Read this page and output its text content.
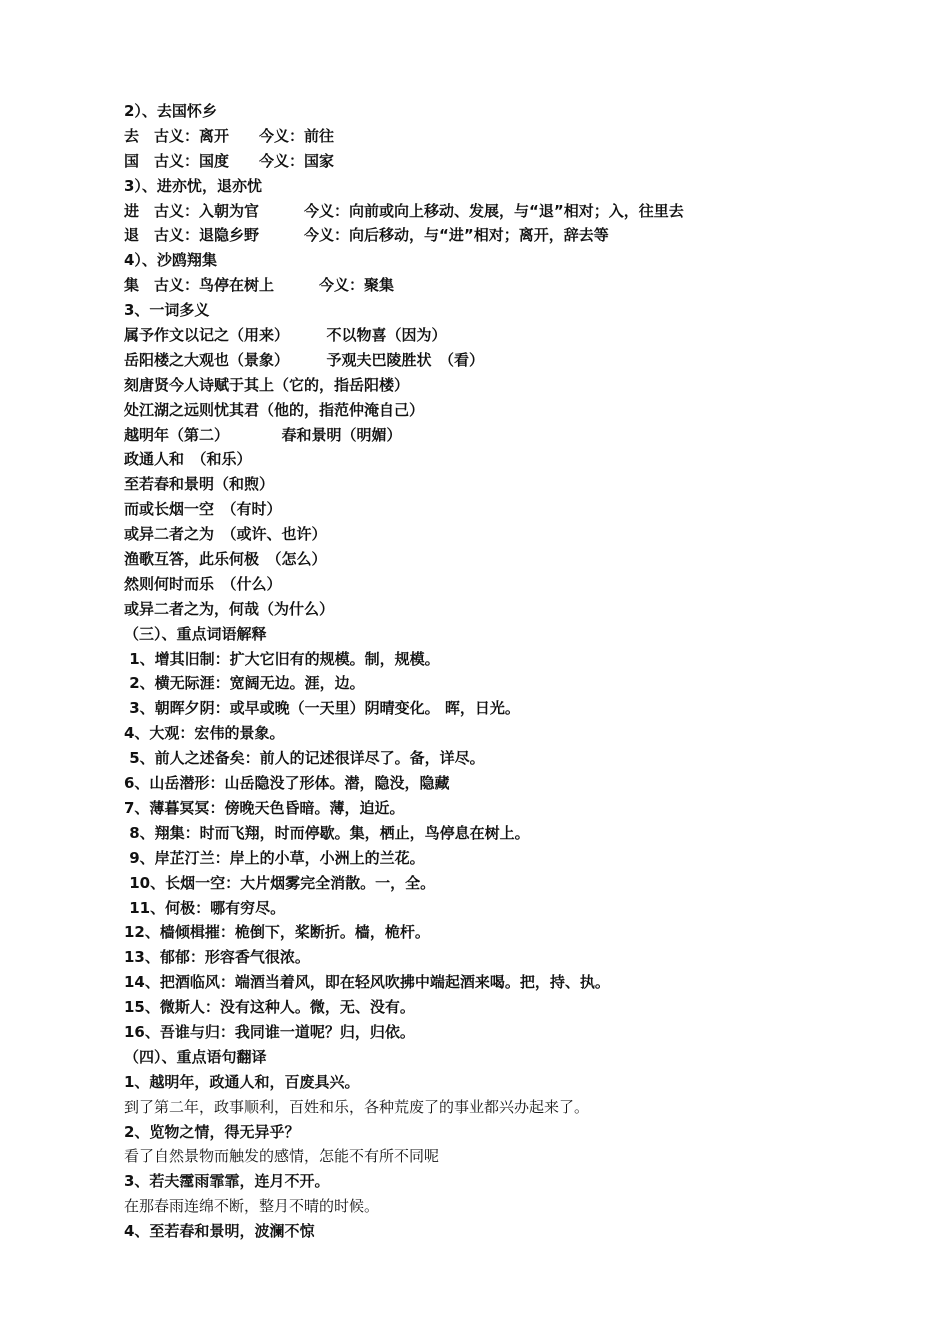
2）、去国怀乡
去　古义：离开　　今义：前往
国　古义：国度　　今义：国家
3）、进亦忧，退亦忧
进　古义：入朝为官　　　今义：向前或向上移动、发展，与“退”相对；入，往里去
退　古义：退隐乡野　　　今义：向后移动，与“进”相对；离开，辞去等
4）、沙鸥翔集
集　古义：鸟停在树上　　　今义：聚集
3、一词多义
属予作文以记之（用来）　　　不以物喜（因为）
岳阳楼之大观也（景象）　　　予观夫巴陵胜状　（看）
刻唐贤今人诗赋于其上（它的，指岳阳楼）
处江湖之远则忧其君（他的，指范仲淹自己）
越明年（第二）　　　　春和景明（明媚）
政通人和　（和乐）
至若春和景明（和煦）
而或长烟一空　（有时）
或异二者之为　（或许、也许）
渔歌互答，此乐何极　（怎么）
然则何时而乐　（什么）
或异二者之为，何哉（为什么）
（三）、重点词语解释
1、增其旧制：扩大它旧有的规模。制，规模。
2、横无际涯：宽阔无边。涯，边。
3、朝晖夕阴：或早或晚（一天里）阴晴变化。 晖，日光。
4、大观：宏伟的景象。
5、前人之述备矣：前人的记述很详尽了。备，详尽。
6、山岳潜形：山岳隐没了形体。潜，隐没，隐藏
7、薄暮冥冥：傍晚天色昏暗。薄，迫近。
8、翔集：时而飞翔，时而停歇。集，栖止，鸟停息在树上。
9、岸芷汀兰：岸上的小草，小洲上的兰花。
10、长烟一空：大片烟雾完全消散。一，全。
11、何极：哪有穷尽。
12、樯倾楫摧：桅倒下，桨断折。樯，桅杆。
13、郁郁：形容香气很浓。
14、把酒临风：端酒当着风，即在轻风吹拂中端起酒来喝。把，持、执。
15、微斯人：没有这种人。微，无、没有。
16、吾谁与归：我同谁一道呢？归，归依。
（四）、重点语句翻译
1、越明年，政通人和，百废具兴。
到了第二年，政事顺利，百姓和乐，各种荒废了的事业都兴办起来了。
2、览物之情，得无异乎？
看了自然景物而触发的感情，怎能不有所不同呢
3、若夫霪雨霏霏，连月不开。
在那春雨连绵不断，整月不晴的时候。
4、至若春和景明，波澜不惊
